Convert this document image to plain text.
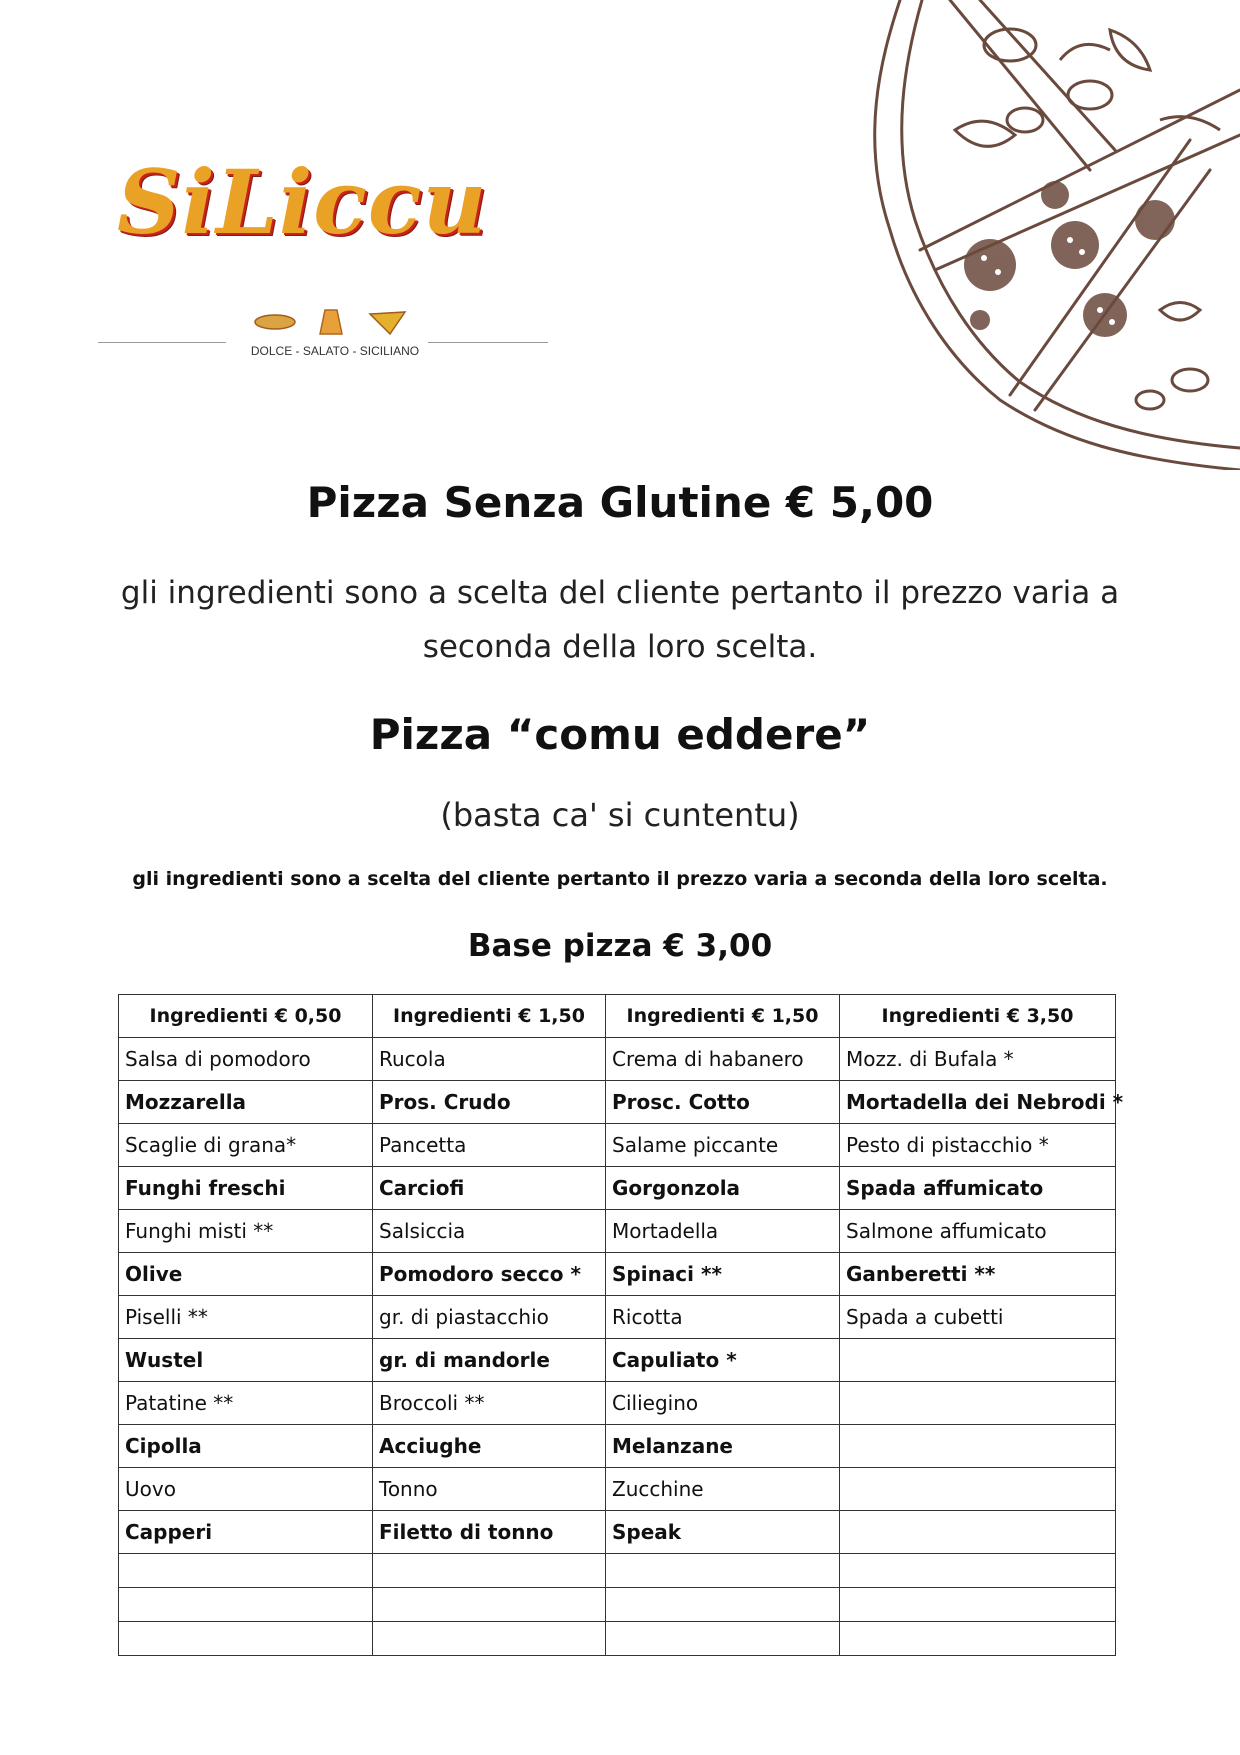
SiLiccu
DOLCE - SALATO - SICILIANO
Pizza Senza Glutine € 5,00
gli ingredienti sono a scelta del cliente pertanto il prezzo varia a seconda della loro scelta.
Pizza “comu eddere”
(basta ca' si cuntentu)
gli ingredienti sono a scelta del cliente pertanto il prezzo varia a seconda della loro scelta.
Base pizza € 3,00
Ingredienti € 0,50	Ingredienti € 1,50	Ingredienti € 1,50	Ingredienti € 3,50
Salsa di pomodoro	Rucola	Crema di habanero	Mozz. di Bufala *
Mozzarella	Pros. Crudo	Prosc. Cotto	Mortadella dei Nebrodi *
Scaglie di grana*	Pancetta	Salame piccante	Pesto di pistacchio *
Funghi freschi	Carciofi	Gorgonzola	Spada affumicato
Funghi misti **	Salsiccia	Mortadella	Salmone affumicato
Olive	Pomodoro secco *	Spinaci **	Ganberetti **
Piselli **	gr. di piastacchio	Ricotta	Spada a cubetti
Wustel	gr. di mandorle	Capuliato *	
Patatine **	Broccoli **	Ciliegino	
Cipolla	Acciughe	Melanzane	
Uovo	Tonno	Zucchine	
Capperi	Filetto di tonno	Speak	
